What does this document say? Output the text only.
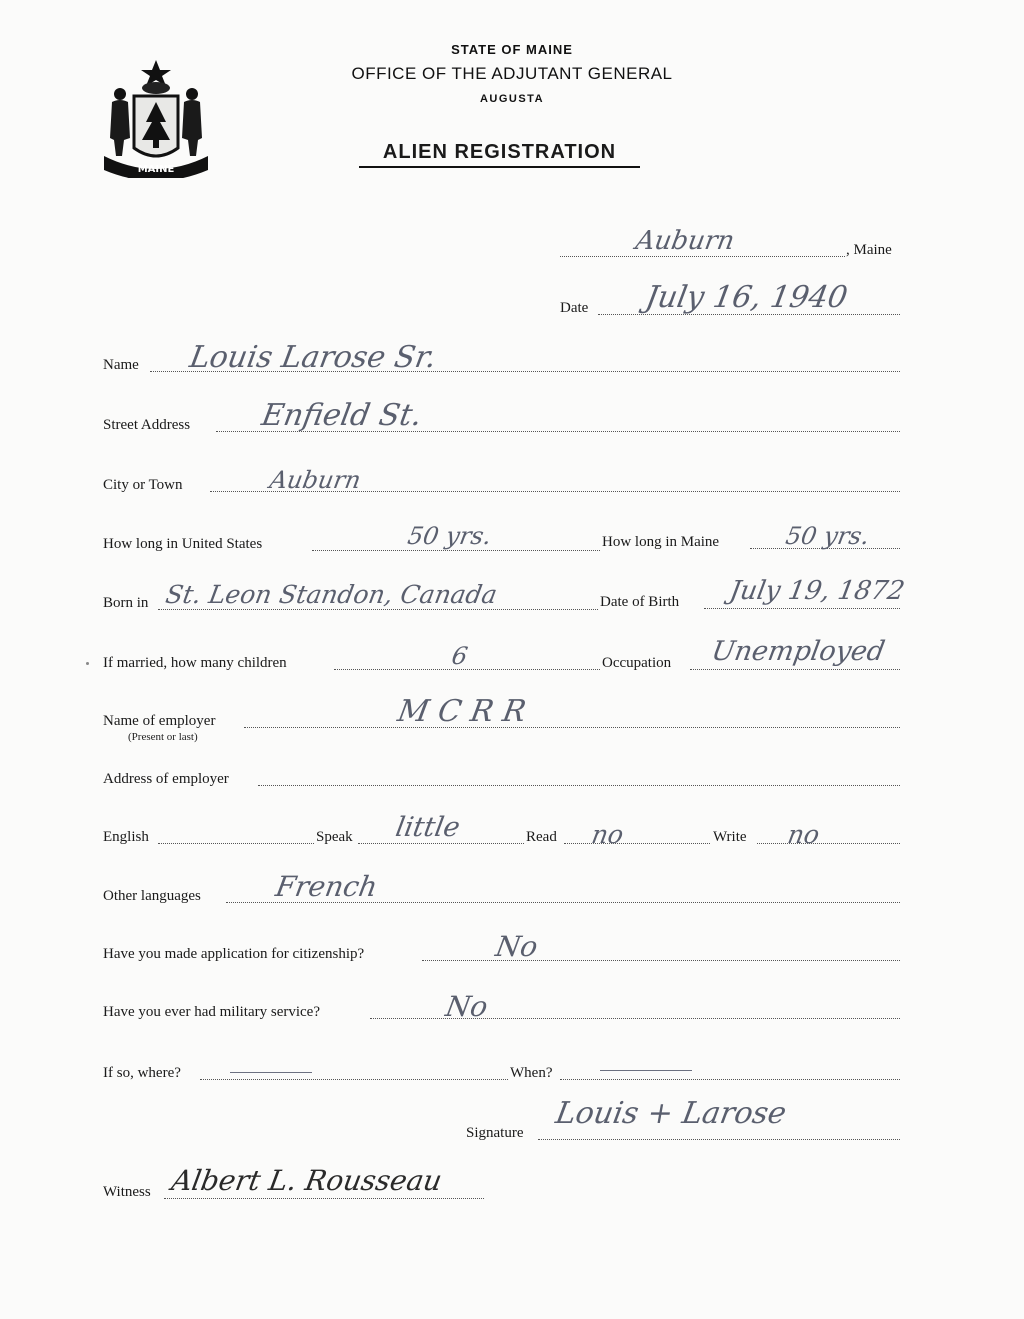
MAINE
STATE OF MAINE
OFFICE OF THE ADJUTANT GENERAL
AUGUSTA
ALIEN REGISTRATION
Auburn	, Maine
Date July 16, 1940
Name Louis Larose Sr.
Street Address Enfield St.
City or Town	Auburn
How long in United States	50 yrs.	How long in Maine	50 yrs.
Born in St. Leon Standon, Canada	Date of Birth July 19, 1872
If married, how many children	6	Occupation Unemployed
Name of employer
(Present or last)
M C R R
Address of employer
English	Speak little	Read no	Write no
Other languages	French
Have you made application for citizenship?	No
Have you ever had military service?	No
If so, where?	When?
Signature
Louis + Larose
Witness Albert L. Rousseau
